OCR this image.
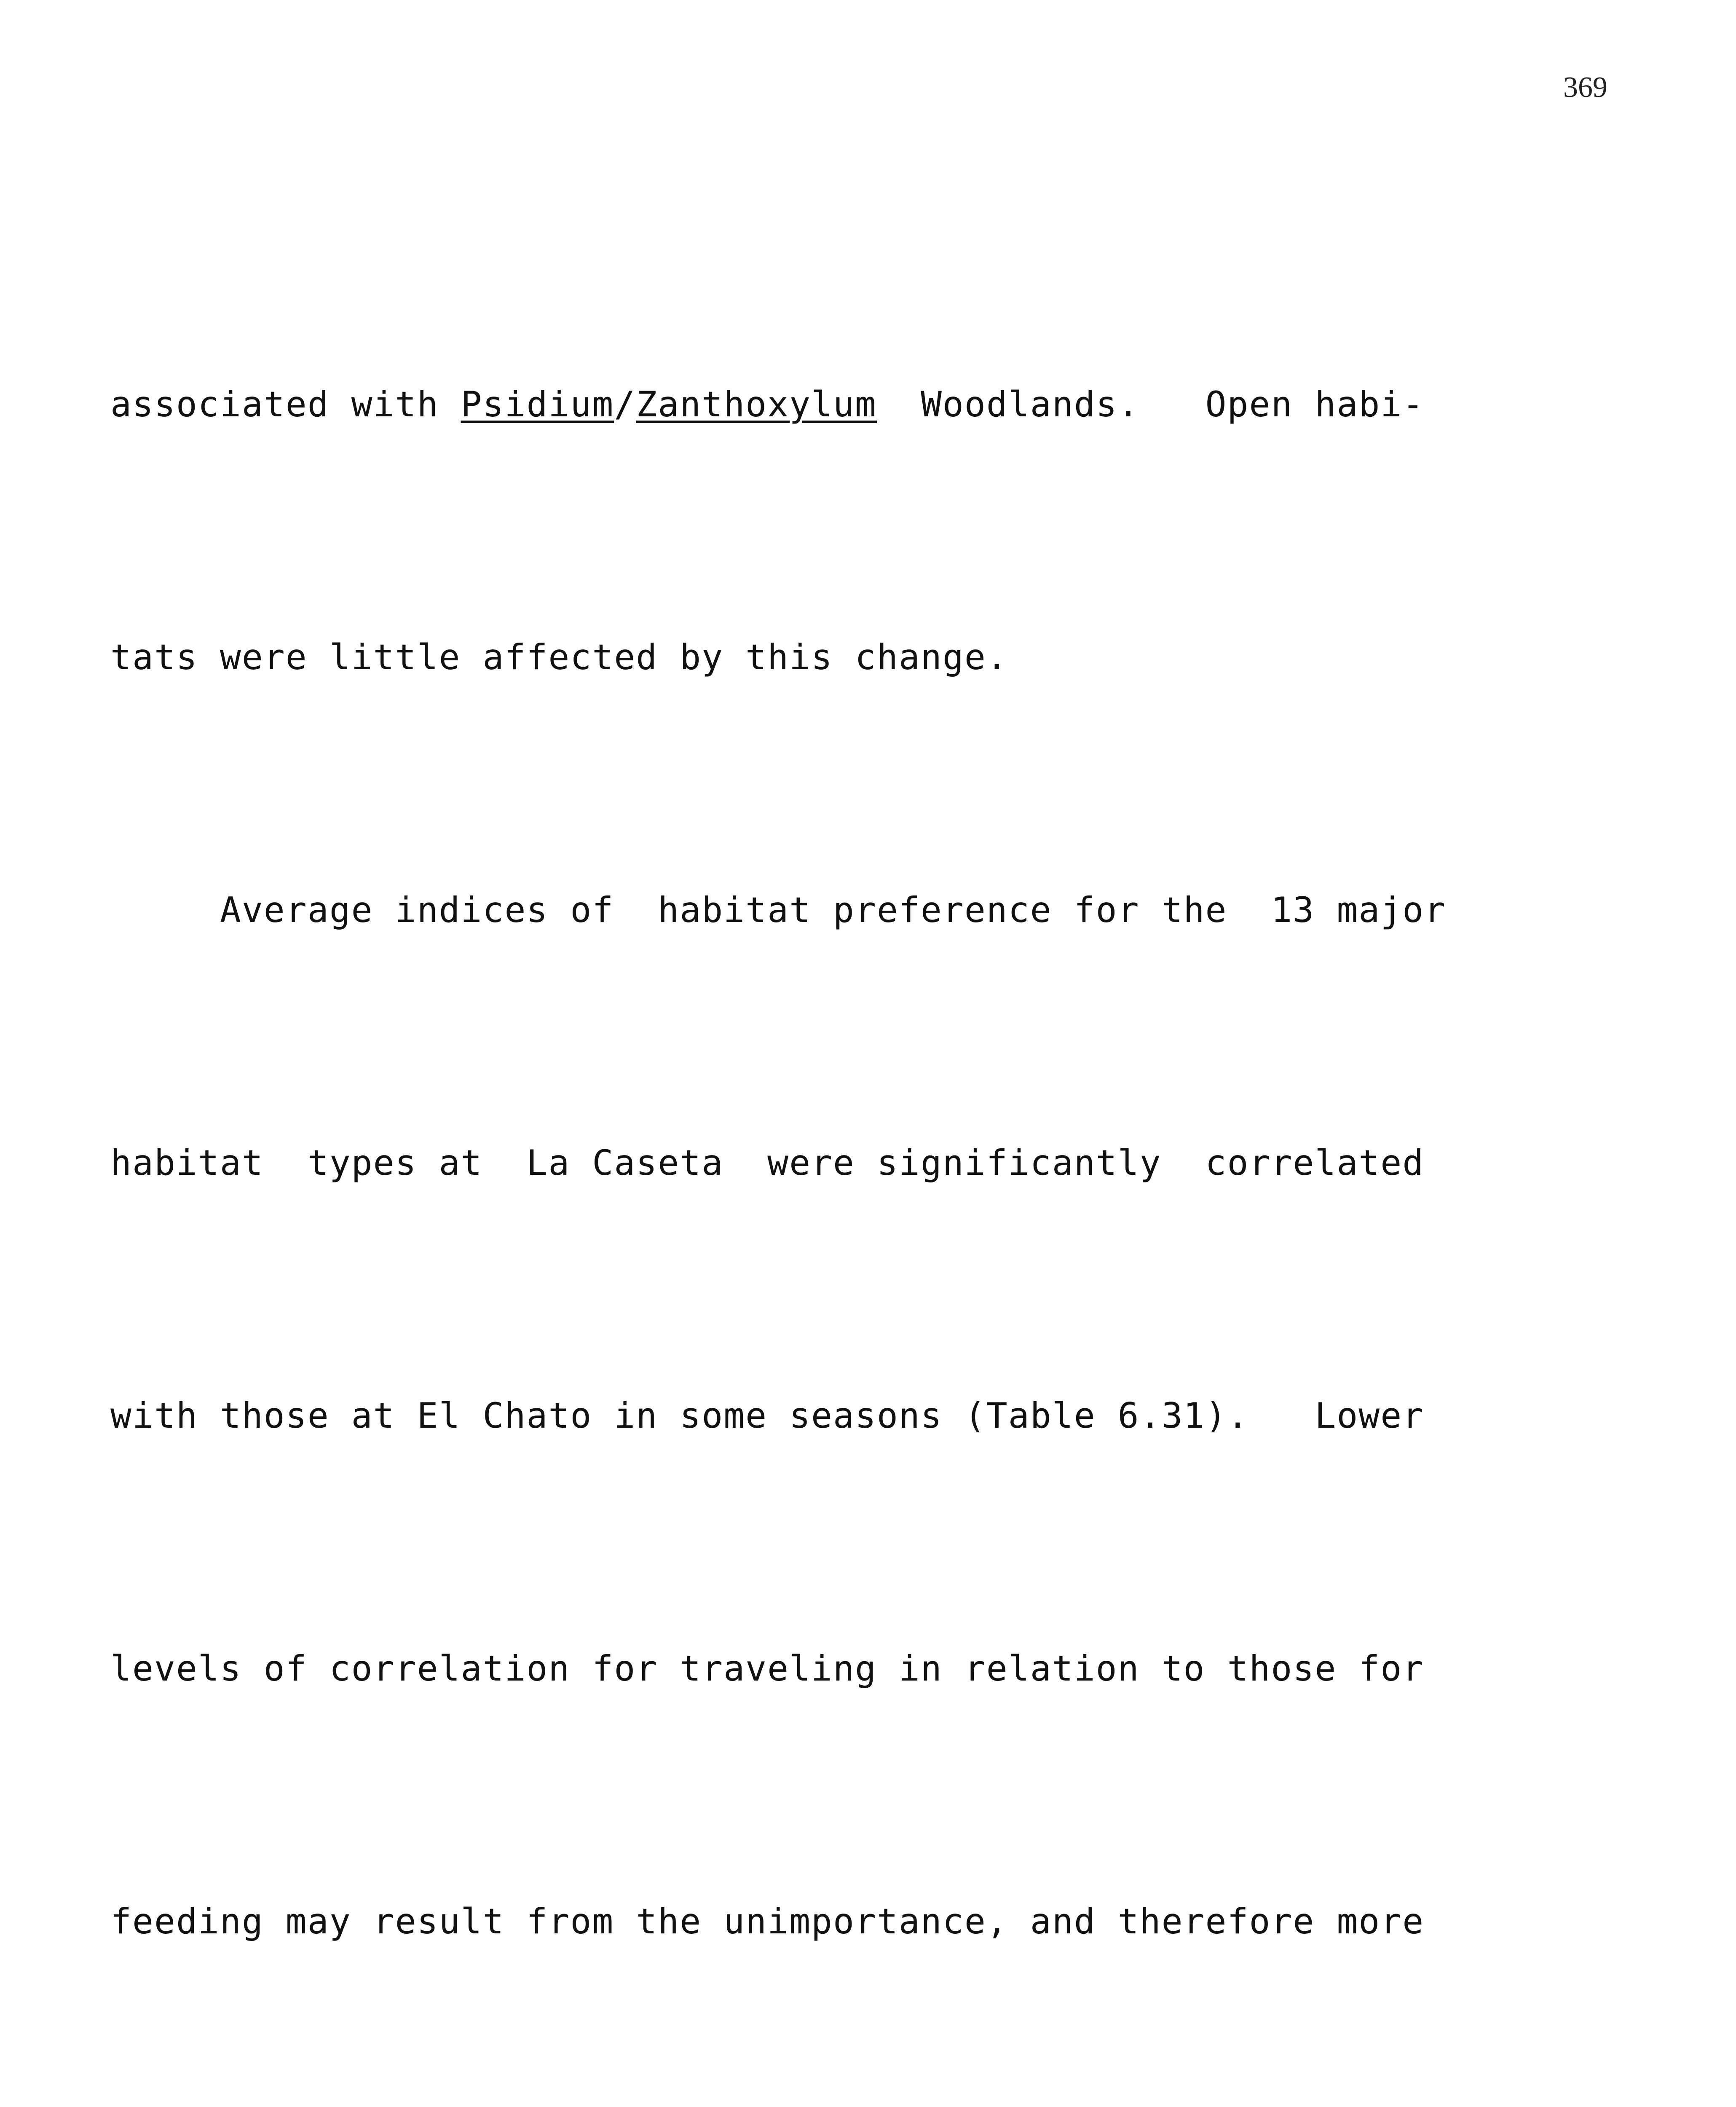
369

associated with Psidium/Zanthoxylum  Woodlands.   Open habi-

tats were little affected by this change.

Average indices of  habitat preference for the  13 major

habitat  types at  La Caseta  were significantly  correlated

with those at El Chato in some seasons (Table 6.31).   Lower

levels of correlation for traveling in relation to those for

feeding may result from the unimportance, and therefore more
